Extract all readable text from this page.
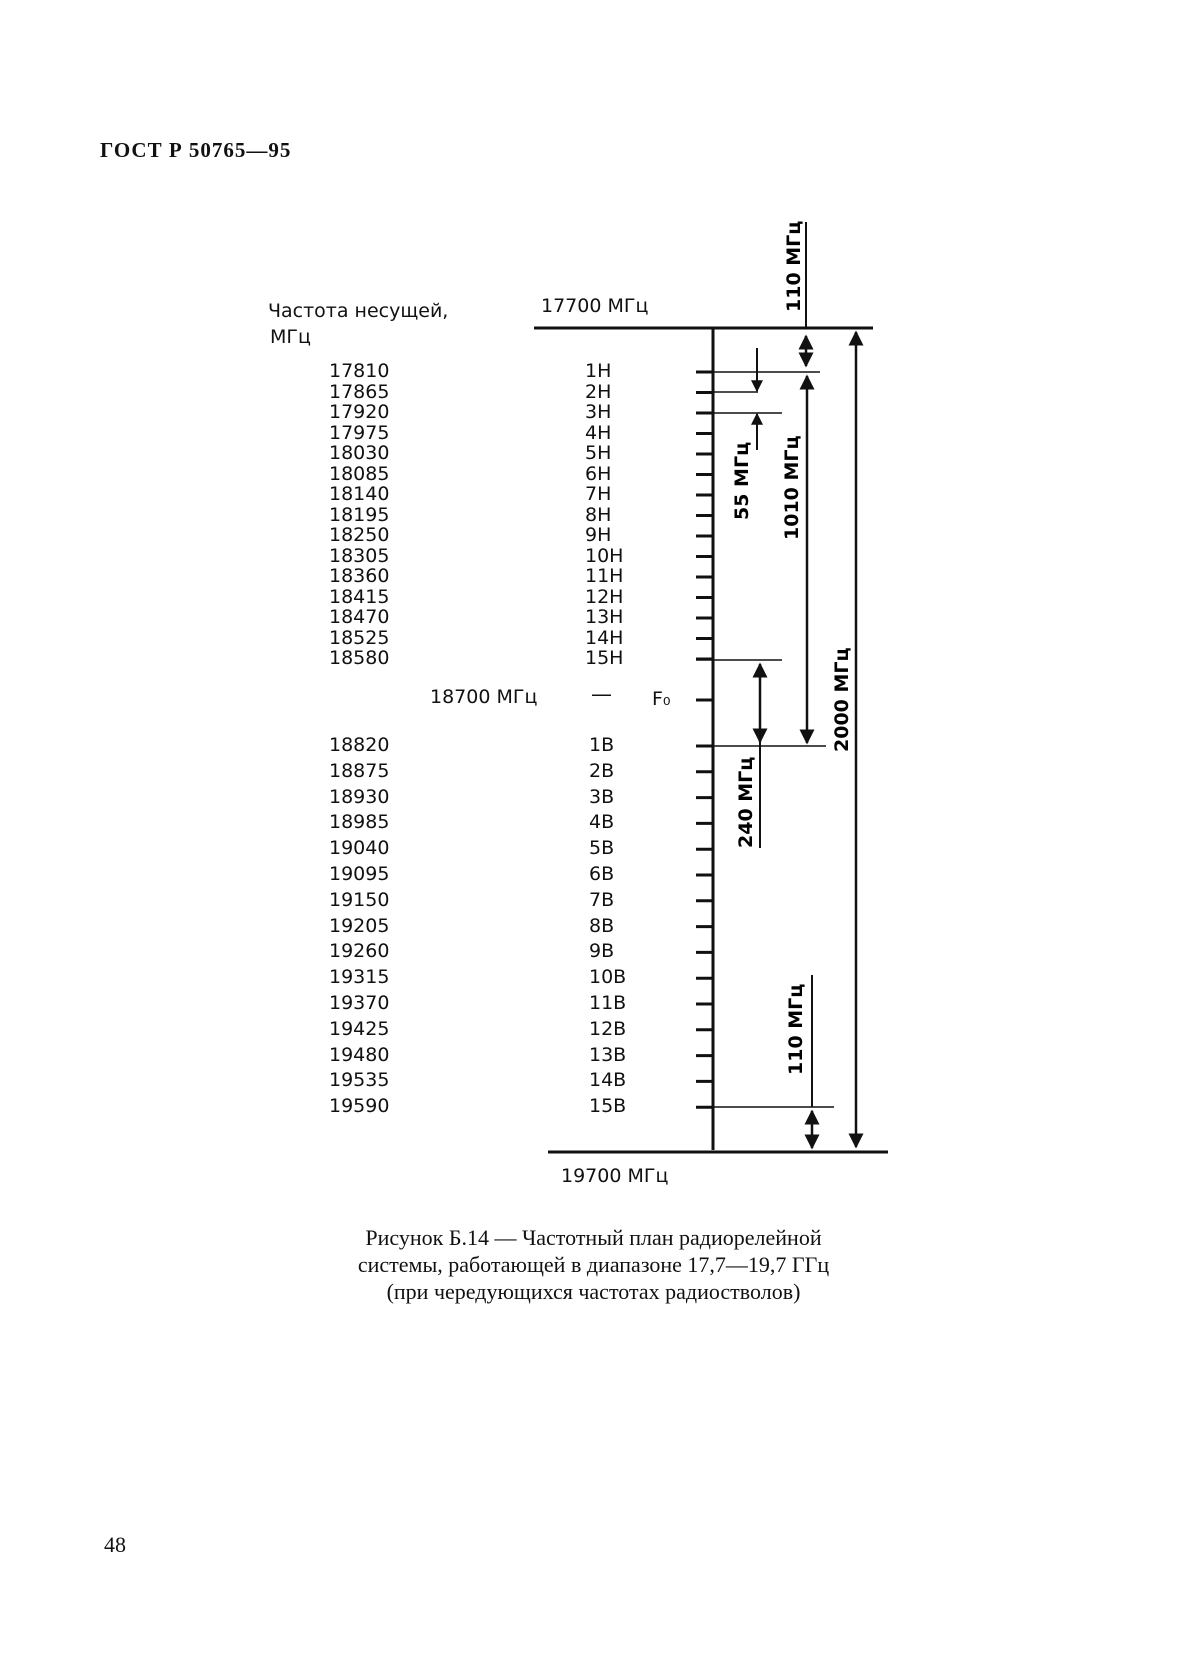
ГОСТ Р 50765—95
Частота несущей,
МГц
17700 МГц
19700 МГц
18700 МГц	— F₀
17810	1Н
17865	2Н
17920	3Н
17975	4Н
18030	5Н
18085	6Н
18140	7Н
18195	8Н
18250	9Н
18305	10Н
18360	11Н
18415	12Н
18470	13Н
18525	14Н
18580	15Н
18820	1В
18875	2В
18930	3В
18985	4В
19040	5В
19095	6В
19150	7В
19205	8В
19260	9В
19315	10В
19370	11В
19425	12В
19480	13В
19535	14В
19590	15В
110 МГц
55 МГц 1010 МГц
2000 МГц
240 МГц
110 МГц
Рисунок Б.14 — Частотный план радиорелейной
системы, работающей в диапазоне 17,7—19,7 ГГц
(при чередующихся частотах радиостволов)
48
